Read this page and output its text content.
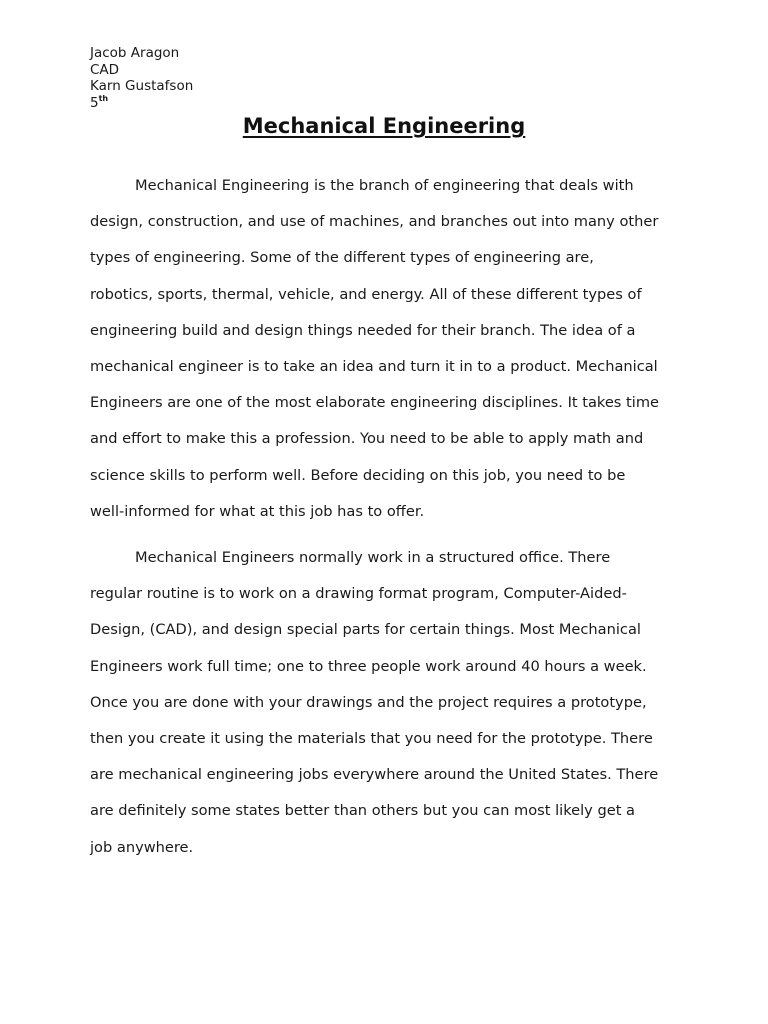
Jacob Aragon
CAD
Karn Gustafson
5th
Mechanical Engineering
Mechanical Engineering is the branch of engineering that deals with
design, construction, and use of machines, and branches out into many other
types of engineering. Some of the different types of engineering are,
robotics, sports, thermal, vehicle, and energy. All of these different types of
engineering build and design things needed for their branch. The idea of a
mechanical engineer is to take an idea and turn it in to a product. Mechanical
Engineers are one of the most elaborate engineering disciplines. It takes time
and effort to make this a profession. You need to be able to apply math and
science skills to perform well. Before deciding on this job, you need to be
well-informed for what at this job has to offer.
Mechanical Engineers normally work in a structured office. There
regular routine is to work on a drawing format program, Computer-Aided-
Design, (CAD), and design special parts for certain things. Most Mechanical
Engineers work full time; one to three people work around 40 hours a week.
Once you are done with your drawings and the project requires a prototype,
then you create it using the materials that you need for the prototype. There
are mechanical engineering jobs everywhere around the United States. There
are definitely some states better than others but you can most likely get a
job anywhere.
